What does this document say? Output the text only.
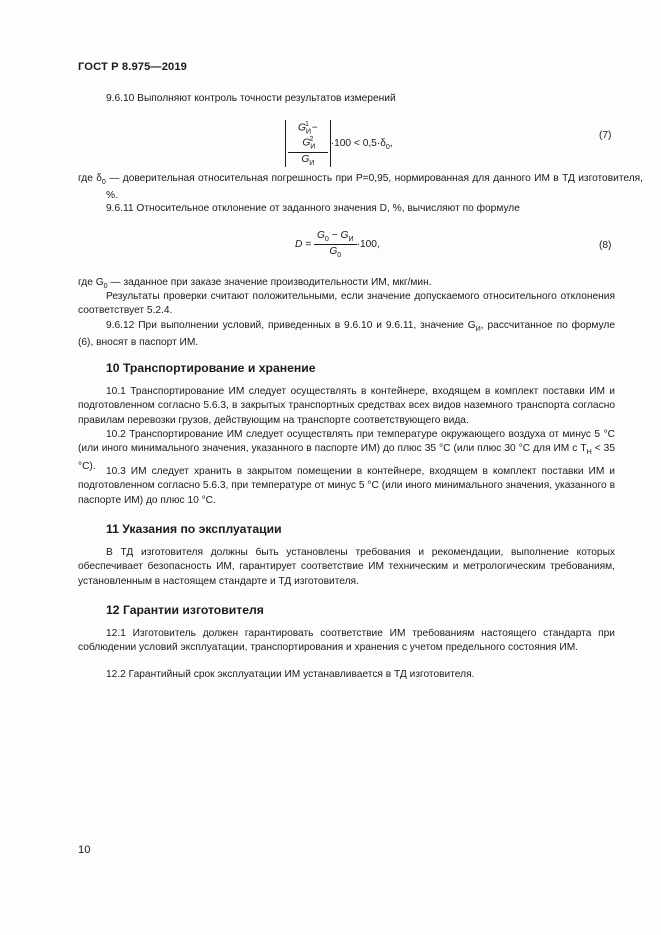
ГОСТ Р 8.975—2019
9.6.10 Выполняют контроль точности результатов измерений
$\frac{G_И^1 - G_И^2}{G_И} \cdot 100 < 0,5\cdot\delta_0$,
(7)
где $\delta_0$ — доверительная относительная погрешность при P=0,95, нормированная для данного ИМ в ТД изготовителя, %.
9.6.11 Относительное отклонение от заданного значения D, %, вычисляют по формуле
$D = \frac{G_0 - G_И}{G_0} \cdot 100$,	(8)
где $G_0$ — заданное при заказе значение производительности ИМ, мкг/мин.
Результаты проверки считают положительными, если значение допускаемого относительного отклонения соответствует 5.2.4.
9.6.12 При выполнении условий, приведенных в 9.6.10 и 9.6.11, значение $G_И$, рассчитанное по формуле (6), вносят в паспорт ИМ.
10 Транспортирование и хранение
10.1 Транспортирование ИМ следует осуществлять в контейнере, входящем в комплект поставки ИМ и подготовленном согласно 5.6.3, в закрытых транспортных средствах всех видов наземного транспорта согласно правилам перевозки грузов, действующим на транспорте соответствующего вида.
10.2 Транспортирование ИМ следует осуществлять при температуре окружающего воздуха от минус 5 °С (или иного минимального значения, указанного в паспорте ИМ) до плюс 35 °С (или плюс 30 °С для ИМ с $T_Н < 35$ °С).	10.3 ИМ следует хранить в закрытом помещении в контейнере, входящем в комплект поставки ИМ и подготовленном согласно 5.6.3, при температуре от минус 5 °С (или иного минимального значения, указанного в паспорте ИМ) до плюс 10 °С.
11 Указания по эксплуатации
В ТД изготовителя должны быть установлены требования и рекомендации, выполнение которых обеспечивает безопасность ИМ, гарантирует соответствие ИМ техническим и метрологическим требованиям, установленным в настоящем стандарте и ТД изготовителя.
12 Гарантии изготовителя
12.1 Изготовитель должен гарантировать соответствие ИМ требованиям настоящего стандарта при соблюдении условий эксплуатации, транспортирования и хранения с учетом предельного состояния ИМ.
12.2 Гарантийный срок эксплуатации ИМ устанавливается в ТД изготовителя.
10
